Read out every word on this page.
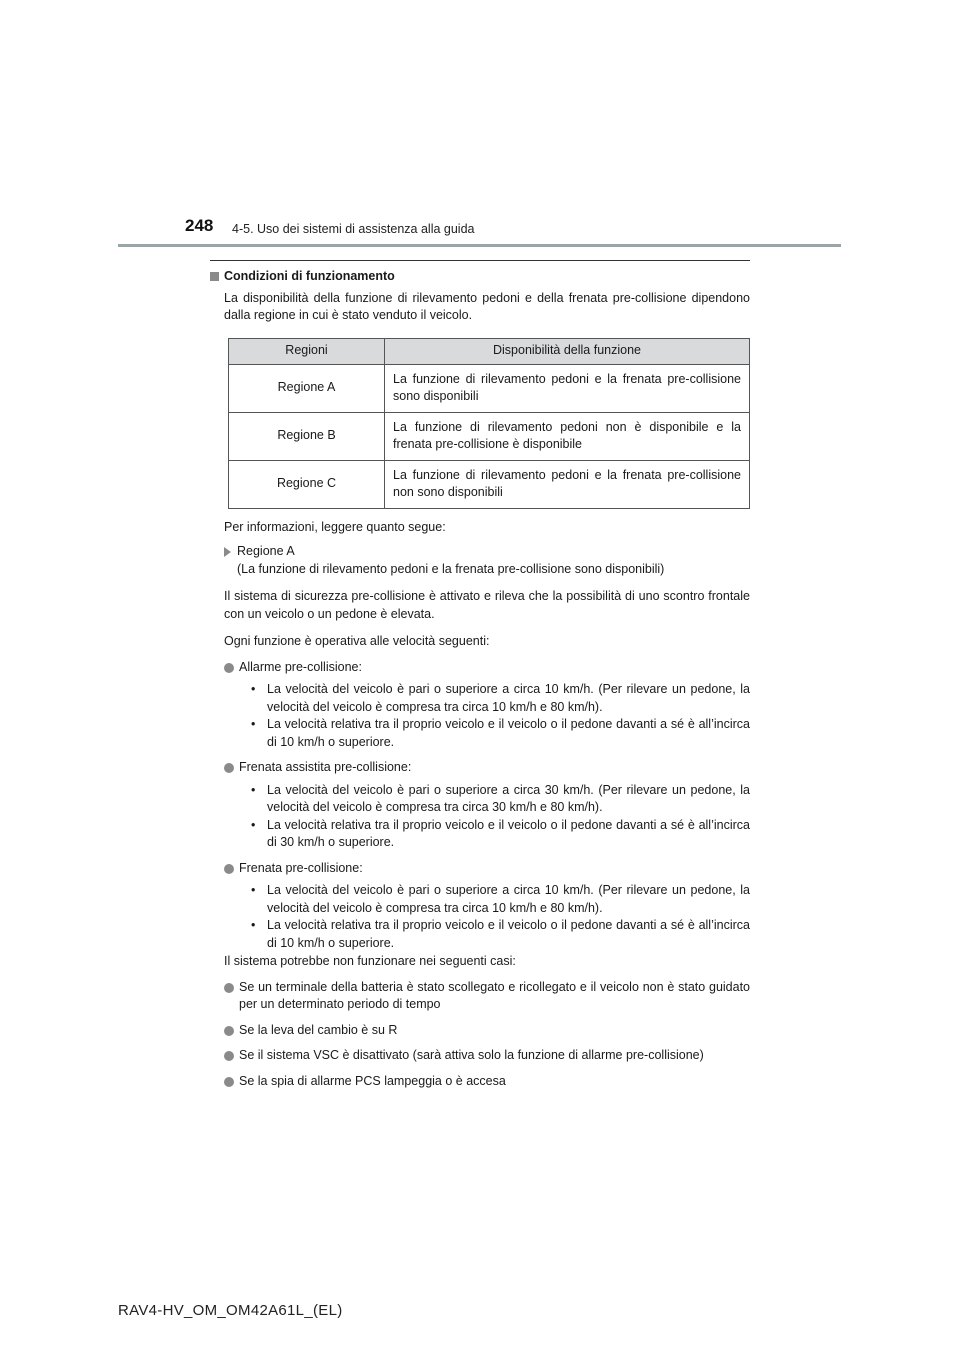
248 4-5. Uso dei sistemi di assistenza alla guida
Condizioni di funzionamento

La disponibilità della funzione di rilevamento pedoni e della frenata pre-collisione dipendono dalla regione in cui è stato venduto il veicolo.

Regioni	Disponibilità della funzione
Regione A	La funzione di rilevamento pedoni e la frenata pre-collisione sono disponibili
Regione B	La funzione di rilevamento pedoni non è disponibile e la frenata pre-collisione è disponibile
Regione C	La funzione di rilevamento pedoni e la frenata pre-collisione non sono disponibili

Per informazioni, leggere quanto segue:

Regione A
(La funzione di rilevamento pedoni e la frenata pre-collisione sono disponibili)

Il sistema di sicurezza pre-collisione è attivato e rileva che la possibilità di uno scontro frontale con un veicolo o un pedone è elevata.

Ogni funzione è operativa alle velocità seguenti:

Allarme pre-collisione:
• La velocità del veicolo è pari o superiore a circa 10 km/h. (Per rilevare un pedone, la velocità del veicolo è compresa tra circa 10 km/h e 80 km/h).
• La velocità relativa tra il proprio veicolo e il veicolo o il pedone davanti a sé è all’incirca di 10 km/h o superiore.
Frenata assistita pre-collisione:
• La velocità del veicolo è pari o superiore a circa 30 km/h. (Per rilevare un pedone, la velocità del veicolo è compresa tra circa 30 km/h e 80 km/h).
• La velocità relativa tra il proprio veicolo e il veicolo o il pedone davanti a sé è all’incirca di 30 km/h o superiore.
Frenata pre-collisione:
• La velocità del veicolo è pari o superiore a circa 10 km/h. (Per rilevare un pedone, la velocità del veicolo è compresa tra circa 10 km/h e 80 km/h).
• La velocità relativa tra il proprio veicolo e il veicolo o il pedone davanti a sé è all’incirca di 10 km/h o superiore.

Il sistema potrebbe non funzionare nei seguenti casi:

Se un terminale della batteria è stato scollegato e ricollegato e il veicolo non è stato guidato per un determinato periodo di tempo
Se la leva del cambio è su R
Se il sistema VSC è disattivato (sarà attiva solo la funzione di allarme pre-collisione)
Se la spia di allarme PCS lampeggia o è accesa
RAV4-HV_OM_OM42A61L_(EL)
